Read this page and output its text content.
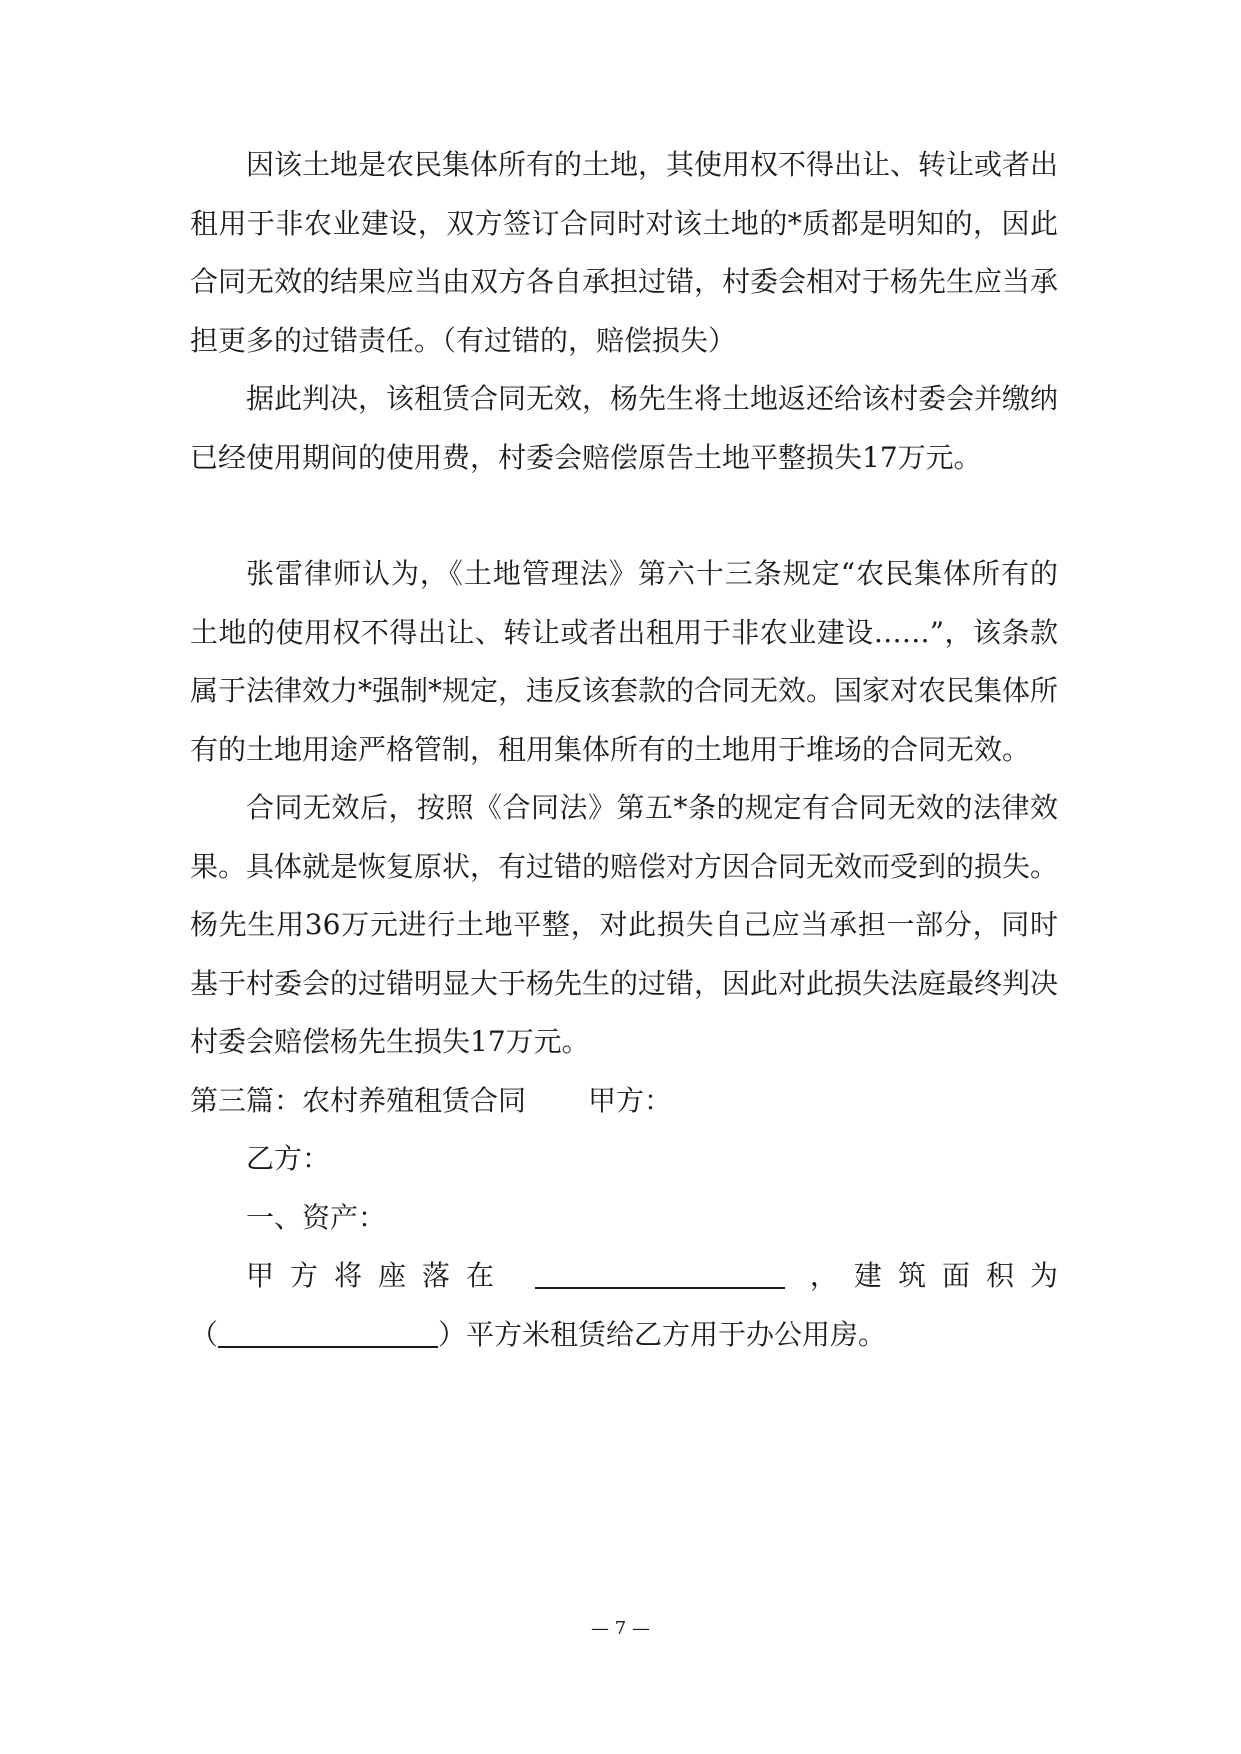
因该土地是农民集体所有的土地，其使用权不得出让、转让或者出租用于非农业建设，双方签订合同时对该土地的*质都是明知的，因此合同无效的结果应当由双方各自承担过错，村委会相对于杨先生应当承担更多的过错责任。（有过错的，赔偿损失）

据此判决，该租赁合同无效，杨先生将土地返还给该村委会并缴纳已经使用期间的使用费，村委会赔偿原告土地平整损失17万元。

张雷律师认为，《土地管理法》第六十三条规定“农民集体所有的土地的使用权不得出让、转让或者出租用于非农业建设……”，该条款属于法律效力*强制*规定，违反该套款的合同无效。国家对农民集体所有的土地用途严格管制，租用集体所有的土地用于堆场的合同无效。

合同无效后，按照《合同法》第五*条的规定有合同无效的法律效果。具体就是恢复原状，有过错的赔偿对方因合同无效而受到的损失。杨先生用36万元进行土地平整，对此损失自己应当承担一部分，同时基于村委会的过错明显大于杨先生的过错，因此对此损失法庭最终判决村委会赔偿杨先生损失17万元。

第三篇：农村养殖租赁合同 甲方：

乙方：

一、资产：

甲方将座落在	，建筑面积为

（	）平方米租赁给乙方用于办公用房。

— 7 —
